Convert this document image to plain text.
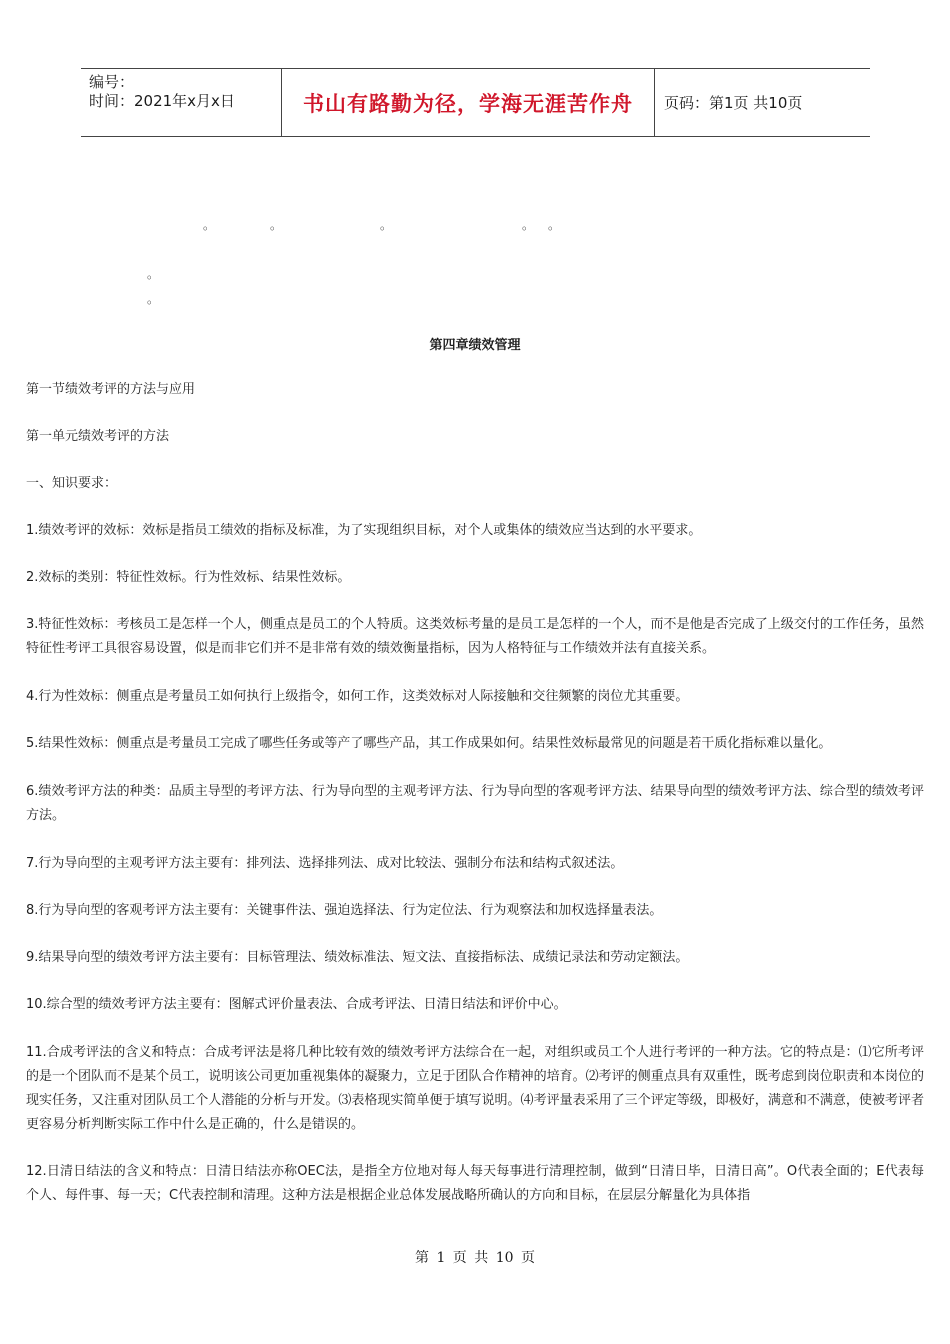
编号：
时间：2021年x月x日	书山有路勤为径，学海无涯苦作舟 页码：第1页 共10页
。	。	。	。 。
。
。
第四章绩效管理
第一节绩效考评的方法与应用
第一单元绩效考评的方法
一、知识要求：
1.绩效考评的效标：效标是指员工绩效的指标及标准，为了实现组织目标，对个人或集体的绩效应当达到的水平要求。
2.效标的类别：特征性效标。行为性效标、结果性效标。
3.特征性效标：考核员工是怎样一个人，侧重点是员工的个人特质。这类效标考量的是员工是怎样的一个人，而不是他是否完成了上级交付的工作任务，虽然特征性考评工具很容易设置，似是而非它们并不是非常有效的绩效衡量指标，因为人格特征与工作绩效并法有直接关系。
4.行为性效标：侧重点是考量员工如何执行上级指令，如何工作，这类效标对人际接触和交往频繁的岗位尤其重要。
5.结果性效标：侧重点是考量员工完成了哪些任务或等产了哪些产品，其工作成果如何。结果性效标最常见的问题是若干质化指标难以量化。
6.绩效考评方法的种类：品质主导型的考评方法、行为导向型的主观考评方法、行为导向型的客观考评方法、结果导向型的绩效考评方法、综合型的绩效考评方法。
7.行为导向型的主观考评方法主要有：排列法、选择排列法、成对比较法、强制分布法和结构式叙述法。
8.行为导向型的客观考评方法主要有：关键事件法、强迫选择法、行为定位法、行为观察法和加权选择量表法。
9.结果导向型的绩效考评方法主要有：目标管理法、绩效标准法、短文法、直接指标法、成绩记录法和劳动定额法。
10.综合型的绩效考评方法主要有：图解式评价量表法、合成考评法、日清日结法和评价中心。
11.合成考评法的含义和特点：合成考评法是将几种比较有效的绩效考评方法综合在一起，对组织或员工个人进行考评的一种方法。它的特点是：⑴它所考评的是一个团队而不是某个员工，说明该公司更加重视集体的凝聚力，立足于团队合作精神的培育。⑵考评的侧重点具有双重性，既考虑到岗位职责和本岗位的现实任务，又注重对团队员工个人潜能的分析与开发。⑶表格现实简单便于填写说明。⑷考评量表采用了三个评定等级，即极好，满意和不满意，使被考评者更容易分析判断实际工作中什么是正确的，什么是错误的。
12.日清日结法的含义和特点：日清日结法亦称OEC法，是指全方位地对每人每天每事进行清理控制，做到“日清日毕，日清日高”。O代表全面的；E代表每个人、每件事、每一天；C代表控制和清理。这种方法是根据企业总体发展战略所确认的方向和目标，在层层分解量化为具体指
第 1 页 共 10 页
